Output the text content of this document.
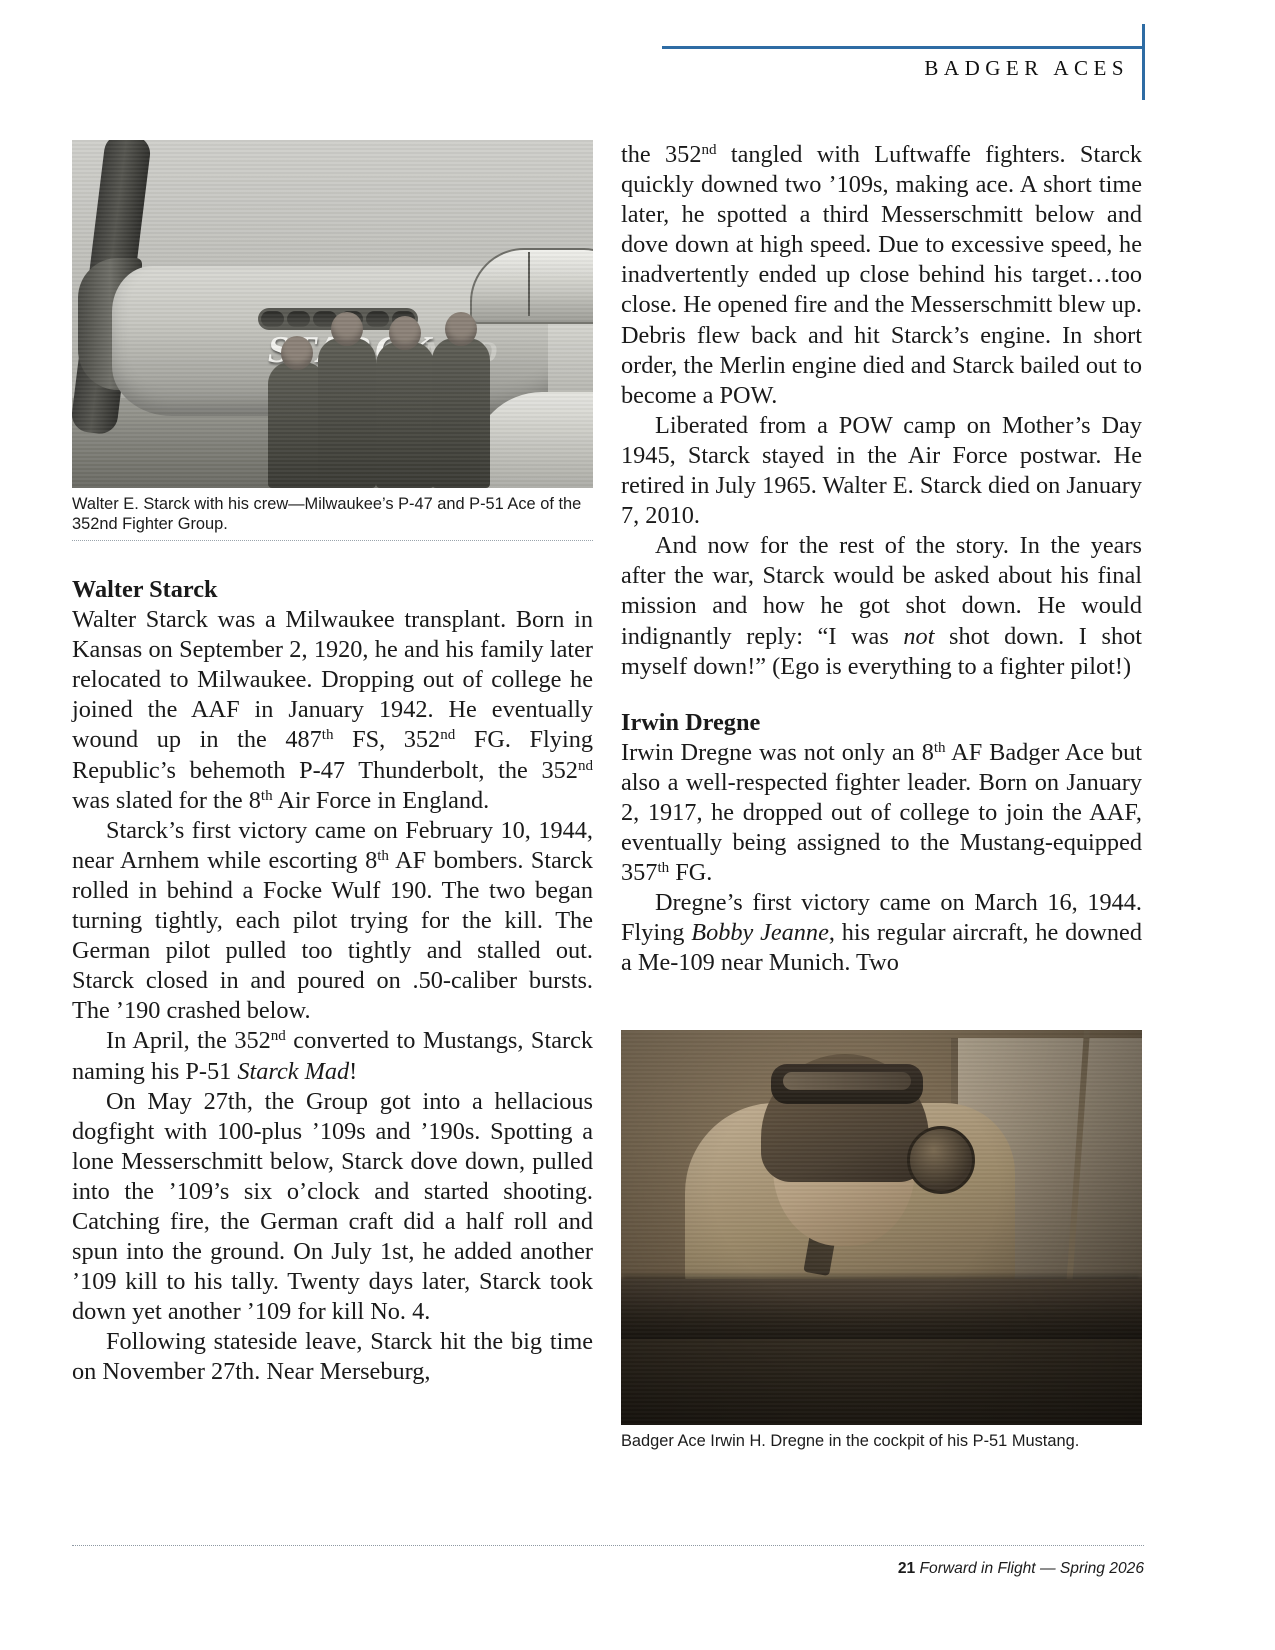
BADGER ACES
Walter E. Starck with his crew—Milwaukee’s P-47 and P-51 Ace of the 352nd Fighter Group.
Walter Starck

Walter Starck was a Milwaukee transplant. Born in Kansas on September 2, 1920, he and his family later relocated to Milwaukee. Dropping out of college he joined the AAF in January 1942. He eventually wound up in the 487th FS, 352nd FG. Flying Republic’s behemoth P-47 Thunderbolt, the 352nd was slated for the 8th Air Force in England.

Starck’s first victory came on February 10, 1944, near Arnhem while escorting 8th AF bombers. Starck rolled in behind a Focke Wulf 190. The two began turning tightly, each pilot trying for the kill. The German pilot pulled too tightly and stalled out. Starck closed in and poured on .50-caliber bursts. The ’190 crashed below.

In April, the 352nd converted to Mustangs, Starck naming his P-51 Starck Mad!

On May 27th, the Group got into a hellacious dogfight with 100-plus ’109s and ’190s. Spotting a lone Messerschmitt below, Starck dove down, pulled into the ’109’s six o’clock and started shooting. Catching fire, the German craft did a half roll and spun into the ground. On July 1st, he added another ’109 kill to his tally. Twenty days later, Starck took down yet another ’109 for kill No. 4.

Following stateside leave, Starck hit the big time on November 27th. Near Merseburg,

the 352nd tangled with Luftwaffe fighters. Starck quickly downed two ’109s, making ace. A short time later, he spotted a third Messerschmitt below and dove down at high speed. Due to excessive speed, he inadvertently ended up close behind his target…too close. He opened fire and the Messerschmitt blew up. Debris flew back and hit Starck’s engine. In short order, the Merlin engine died and Starck bailed out to become a POW.

Liberated from a POW camp on Mother’s Day 1945, Starck stayed in the Air Force postwar. He retired in July 1965. Walter E. Starck died on January 7, 2010.

And now for the rest of the story. In the years after the war, Starck would be asked about his final mission and how he got shot down. He would indignantly reply: “I was not shot down. I shot myself down!” (Ego is everything to a fighter pilot!)

Irwin Dregne

Irwin Dregne was not only an 8th AF Badger Ace but also a well-respected fighter leader. Born on January 2, 1917, he dropped out of college to join the AAF, eventually being assigned to the Mustang-equipped 357th FG.

Dregne’s first victory came on March 16, 1944. Flying Bobby Jeanne, his regular aircraft, he downed a Me-109 near Munich. Two

Badger Ace Irwin H. Dregne in the cockpit of his P-51 Mustang.
21 Forward in Flight — Spring 2026
